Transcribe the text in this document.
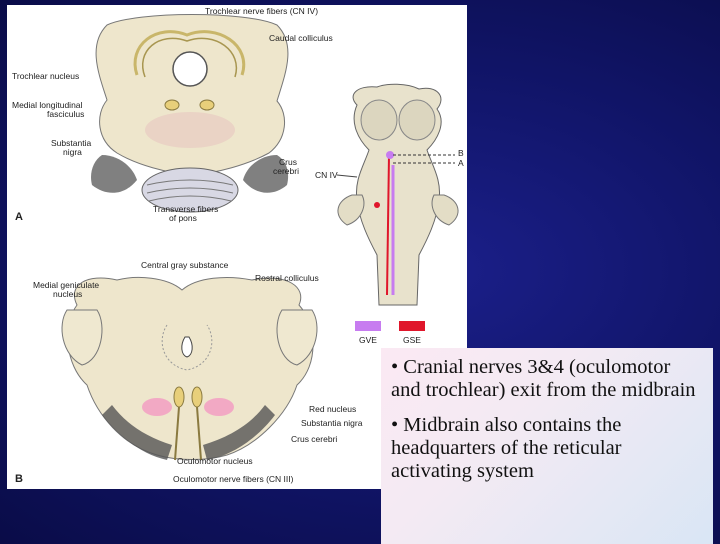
Trochlear nerve fibers (CN IV)
Caudal colliculus
Trochlear nucleus
Medial longitudinal
fasciculus
Substantia
nigra
Crus
cerebri
Transverse fibers
of pons
A
Central gray substance
Rostral colliculus
Medial geniculate
nucleus
Red nucleus
Substantia nigra
Crus cerebri
Oculomotor nucleus
Oculomotor nerve fibers (CN III)
B
CN IV
B
A
GVE	GSE

• Cranial nerves 3&4 (oculomotor and trochlear) exit from the midbrain

• Midbrain also contains the headquarters of the reticular activating system
